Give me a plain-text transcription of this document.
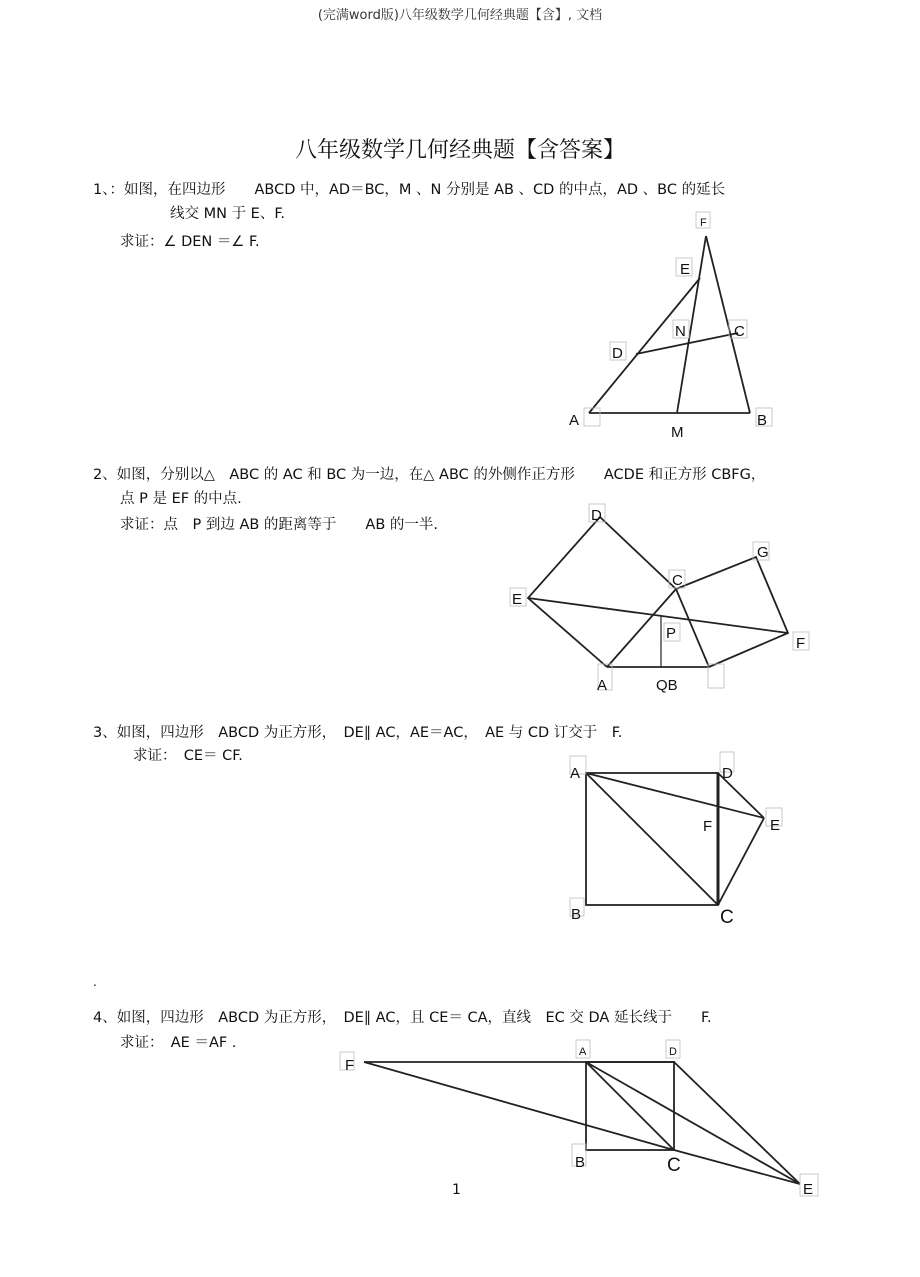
(完满word版)八年级数学几何经典题【含】, 文档
八年级数学几何经典题【含答案】
1、：如图，在四边形　　ABCD 中，AD＝BC，M 、N 分别是 AB 、CD 的中点，AD 、BC 的延长
线交 MN 于 E、F.
求证：∠ DEN ＝∠ F.
2、如图，分别以△　ABC 的 AC 和 BC 为一边，在△ ABC 的外侧作正方形　　ACDE 和正方形 CBFG，
点 P 是 EF 的中点.
求证：点　P 到边 AB 的距离等于　　AB 的一半.
3、如图，四边形　ABCD 为正方形，　DE∥ AC，AE＝AC，　AE 与 CD 订交于　F.
求证：　CE＝ CF.
.
4、如图，四边形　ABCD 为正方形，　DE∥ AC，且 CE＝ CA，直线　EC 交 DA 延长线于　　F.
求证：　AE ＝AF .
1
F
E
N	C
D
A	B
M
D
G
C
E
P
F
A	QB
A	D
F	E
B	C
F
A	D
B	C
E
